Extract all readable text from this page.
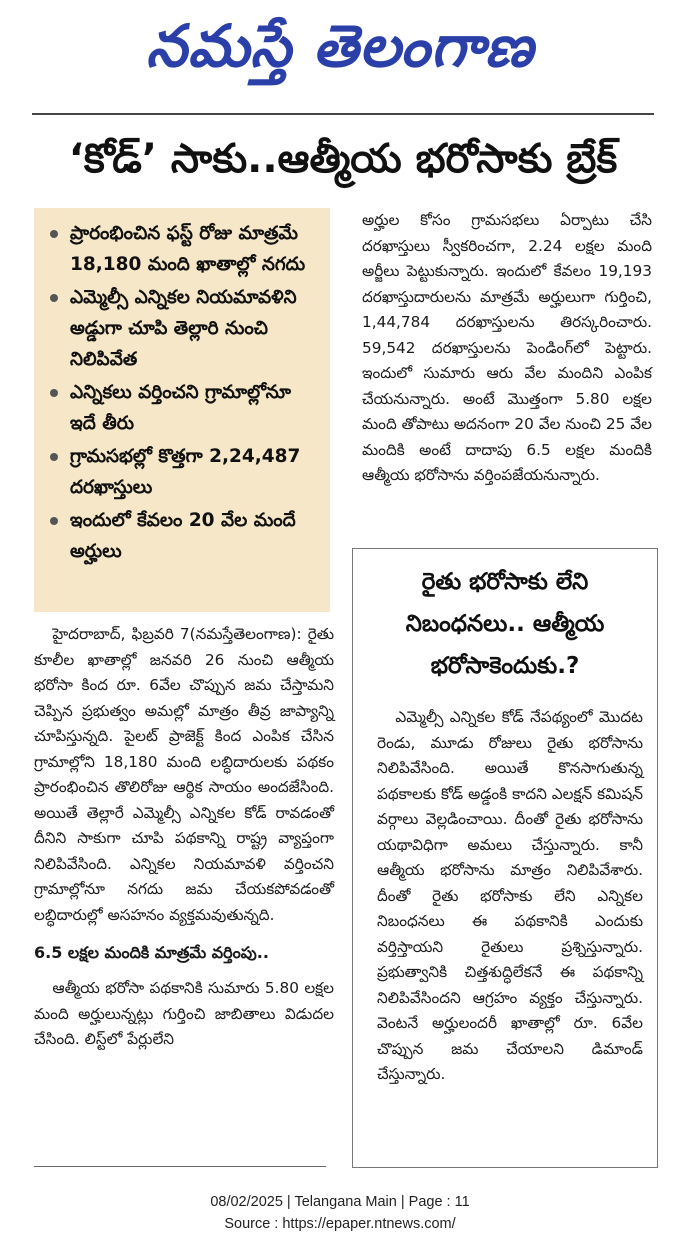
నమస్తే తెలంగాణ
‘కోడ్’ సాకు..ఆత్మీయ భరోసాకు బ్రేక్
ప్రారంభించిన ఫస్ట్ రోజు మాత్రమే 18,180 మంది ఖాతాల్లో నగదు
ఎమ్మెల్సీ ఎన్నికల నియమావళిని అడ్డుగా చూపి తెల్లారి నుంచి నిలిపివేత
ఎన్నికలు వర్తించని గ్రామాల్లోనూ ఇదే తీరు
గ్రామసభల్లో కొత్తగా 2,24,487 దరఖాస్తులు
ఇందులో కేవలం 20 వేల మందే అర్హులు

హైదరాబాద్, ఫిబ్రవరి 7(నమస్తేతెలంగాణ): రైతు కూలీల ఖాతాల్లో జనవరి 26 నుంచి ఆత్మీయ భరోసా కింద రూ. 6వేల చొప్పున జమ చేస్తామని చెప్పిన ప్రభుత్వం అమల్లో మాత్రం తీవ్ర జాప్యాన్ని చూపిస్తున్నది. పైలట్ ప్రాజెక్ట్ కింద ఎంపిక చేసిన గ్రామాల్లోని 18,180 మంది లబ్ధిదారులకు పథకం ప్రారంభించిన తొలిరోజు ఆర్థిక సాయం అందజేసింది. అయితే తెల్లారే ఎమ్మెల్సీ ఎన్నికల కోడ్ రావడంతో దీనిని సాకుగా చూపి పథకాన్ని రాష్ట్ర వ్యాప్తంగా నిలిపివేసింది. ఎన్నికల నియమావళి వర్తించని గ్రామాల్లోనూ నగదు జమ చేయకపోవడంతో లబ్ధిదారుల్లో అసహనం వ్యక్తమవుతున్నది.

6.5 లక్షల మందికి మాత్రమే వర్తింపు..

ఆత్మీయ భరోసా పథకానికి సుమారు 5.80 లక్షల మంది అర్హులున్నట్లు గుర్తించి జాబితాలు విడుదల చేసింది. లిస్ట్‌లో పేర్లులేని

అర్హుల కోసం గ్రామసభలు ఏర్పాటు చేసి దరఖాస్తులు స్వీకరించగా, 2.24 లక్షల మంది అర్జీలు పెట్టుకున్నారు. ఇందులో కేవలం 19,193 దరఖాస్తుదారులను మాత్రమే అర్హులుగా గుర్తించి, 1,44,784 దరఖాస్తులను తిరస్కరించారు. 59,542 దరఖాస్తులను పెండింగ్‌లో పెట్టారు. ఇందులో సుమారు ఆరు వేల మందిని ఎంపిక చేయనున్నారు. అంటే మొత్తంగా 5.80 లక్షల మంది తోపాటు అదనంగా 20 వేల నుంచి 25 వేల మందికి అంటే దాదాపు 6.5 లక్షల మందికి ఆత్మీయ భరోసాను వర్తింపజేయనున్నారు.

రైతు భరోసాకు లేని నిబంధనలు.. ఆత్మీయ భరోసాకెందుకు.?

ఎమ్మెల్సీ ఎన్నికల కోడ్ నేపథ్యంలో మొదట రెండు, మూడు రోజులు రైతు భరోసాను నిలిపివేసింది. అయితే కొనసాగుతున్న పథకాలకు కోడ్ అడ్డంకి కాదని ఎలక్షన్ కమిషన్ వర్గాలు వెల్లడించాయి. దీంతో రైతు భరోసాను యథావిధిగా అమలు చేస్తున్నారు. కానీ ఆత్మీయ భరోసాను మాత్రం నిలిపివేశారు. దీంతో రైతు భరోసాకు లేని ఎన్నికల నిబంధనలు ఈ పథకానికి ఎందుకు వర్తిస్తాయని రైతులు ప్రశ్నిస్తున్నారు. ప్రభుత్వానికి చిత్తశుద్ధిలేకనే ఈ పథకాన్ని నిలిపివేసిందని ఆగ్రహం వ్యక్తం చేస్తున్నారు. వెంటనే అర్హులందరీ ఖాతాల్లో రూ. 6వేల చొప్పున జమ చేయాలని డిమాండ్ చేస్తున్నారు.

08/02/2025 | Telangana Main | Page : 11
Source : https://epaper.ntnews.com/
